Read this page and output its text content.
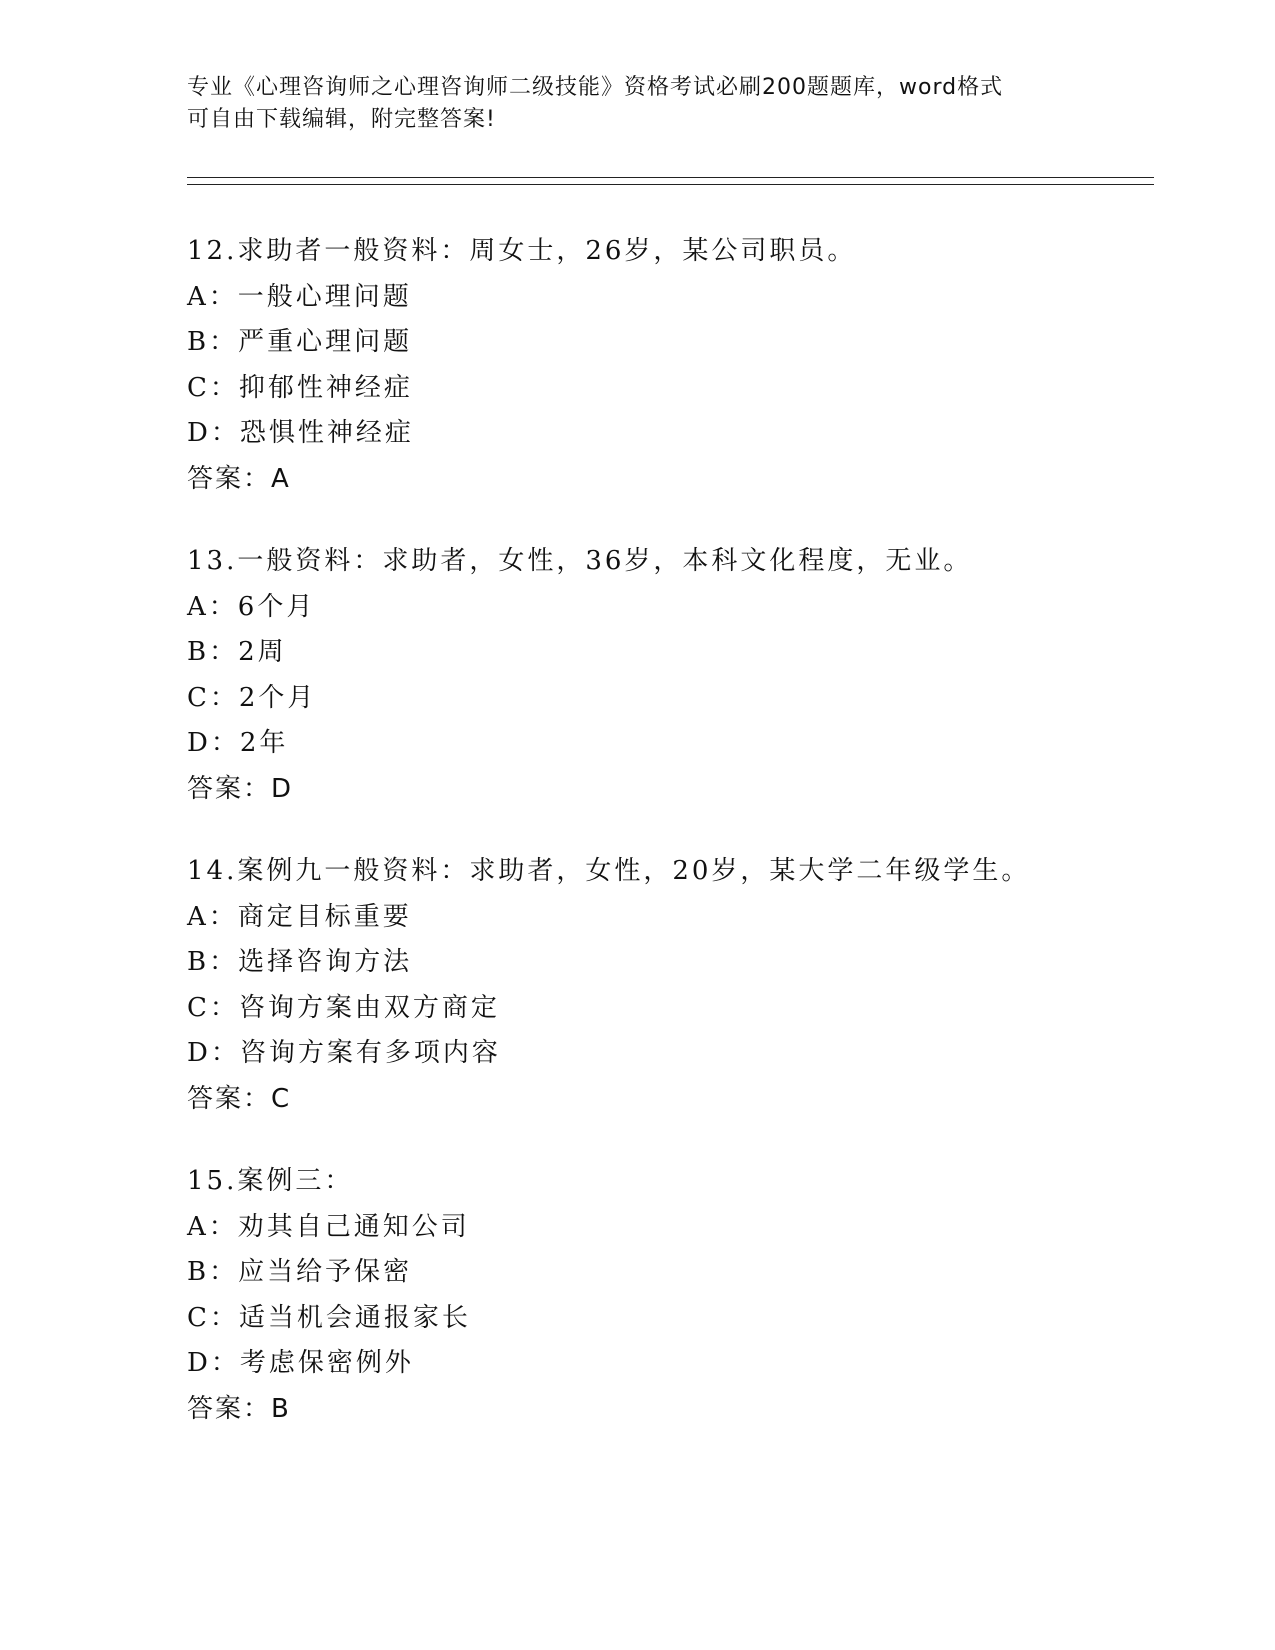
专业《心理咨询师之心理咨询师二级技能》资格考试必刷200题题库，word格式
可自由下载编辑，附完整答案!
12.求助者一般资料：周女士，26岁，某公司职员。
A：一般心理问题
B：严重心理问题
C：抑郁性神经症
D：恐惧性神经症
答案：A
13.一般资料：求助者，女性，36岁，本科文化程度，无业。
A：6个月
B：2周
C：2个月
D：2年
答案：D
14.案例九一般资料：求助者，女性，20岁，某大学二年级学生。
A：商定目标重要
B：选择咨询方法
C：咨询方案由双方商定
D：咨询方案有多项内容
答案：C
15.案例三：
A：劝其自己通知公司
B：应当给予保密
C：适当机会通报家长
D：考虑保密例外
答案：B
